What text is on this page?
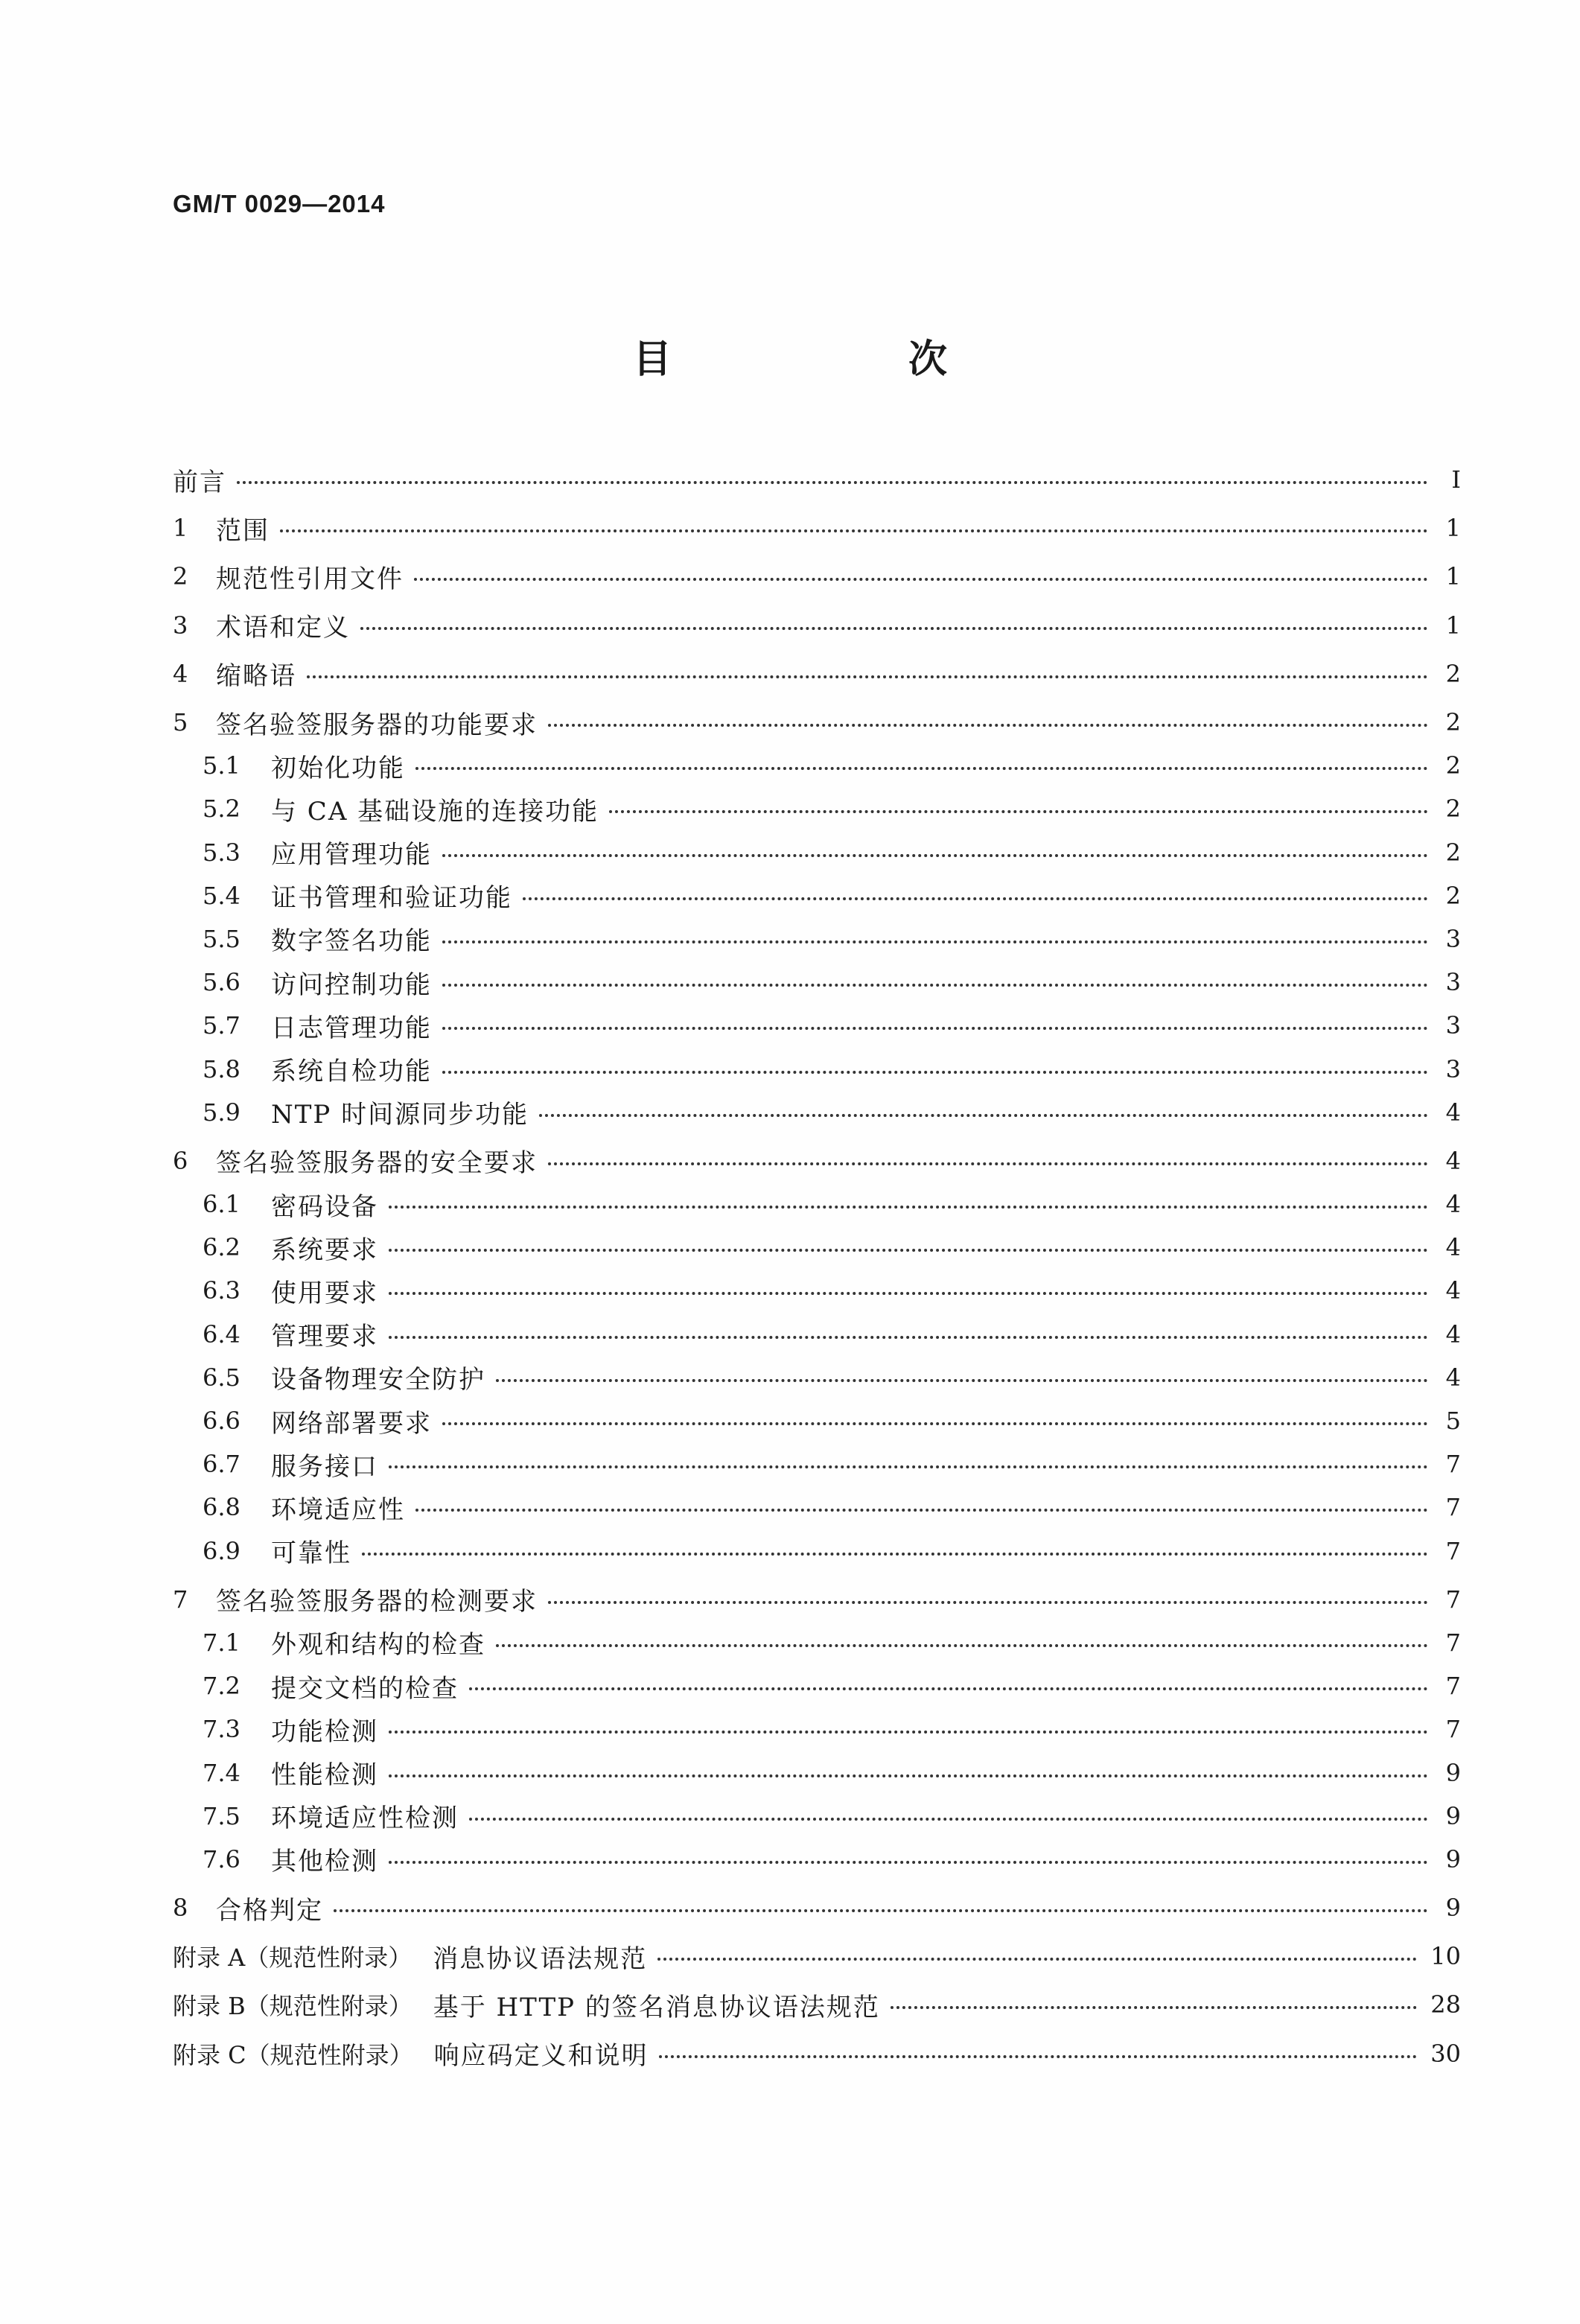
GM/T 0029—2014
目 次
前言	Ⅰ
1	范围	1
2	规范性引用文件	1
3	术语和定义	1
4	缩略语	2
5	签名验签服务器的功能要求	2
5.1	初始化功能	2
5.2	与 CA 基础设施的连接功能	2
5.3	应用管理功能	2
5.4	证书管理和验证功能	2
5.5	数字签名功能	3
5.6	访问控制功能	3
5.7	日志管理功能	3
5.8	系统自检功能	3
5.9	NTP 时间源同步功能	4
6	签名验签服务器的安全要求	4
6.1	密码设备	4
6.2	系统要求	4
6.3	使用要求	4
6.4	管理要求	4
6.5	设备物理安全防护	4
6.6	网络部署要求	5
6.7	服务接口	7
6.8	环境适应性	7
6.9	可靠性	7
7	签名验签服务器的检测要求	7
7.1	外观和结构的检查	7
7.2	提交文档的检查	7
7.3	功能检测	7
7.4	性能检测	9
7.5	环境适应性检测	9
7.6	其他检测	9
8	合格判定	9
附录 A（规范性附录） 消息协议语法规范	10
附录 B（规范性附录） 基于 HTTP 的签名消息协议语法规范	28
附录 C（规范性附录） 响应码定义和说明	30
